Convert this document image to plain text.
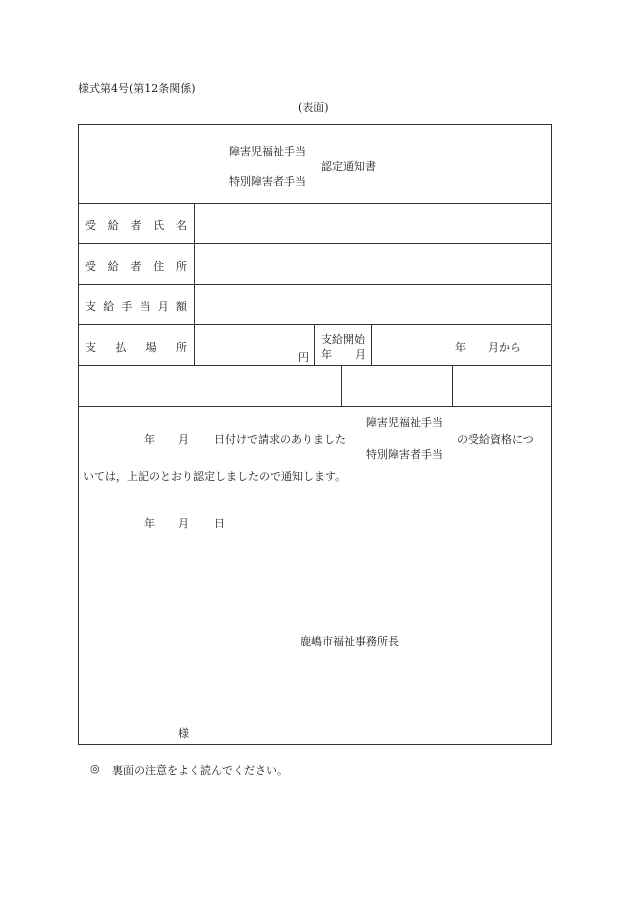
様式第4号(第12条関係)
(表面)
障害児福祉手当
特別障害者手当
認定通知書
受 給 者 氏 名
受 給 者 住 所
支 給 手 当 月 額
支 払 場 所
円
支給開始
年 月
年 月から
障害児福祉手当
特別障害者手当
年 月 日付けで請求のありました	の受給資格につ
いては，上記のとおり認定しましたので通知します。
年 月 日
鹿嶋市福祉事務所長
様
◎ 裏面の注意をよく読んでください。
